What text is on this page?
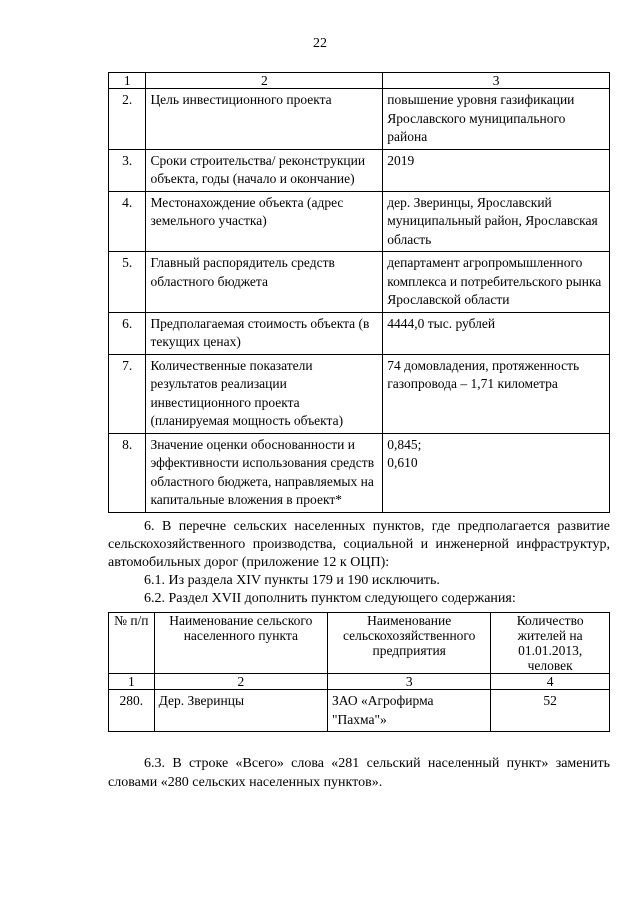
22
1	2	3
2.	Цель инвестиционного проекта	повышение уровня газификации Ярославского муниципального района
3.	Сроки строительства/ реконструкции объекта, годы (начало и окончание)	2019
4.	Местонахождение объекта (адрес земельного участка)	дер. Зверинцы, Ярославский муниципальный район, Ярославская область
5.	Главный распорядитель средств областного бюджета	департамент агропромышленного комплекса и потребительского рынка Ярославской области
6.	Предполагаемая стоимость объекта (в текущих ценах)	4444,0 тыс. рублей
7.	Количественные показатели результатов реализации инвестиционного проекта (планируемая мощность объекта)	74 домовладения, протяженность газопровода – 1,71 километра
8.	Значение оценки обоснованности и эффективности использования средств областного бюджета, направляемых на капитальные вложения в проект*	0,845;
0,610

6. В перечне сельских населенных пунктов, где предполагается развитие сельскохозяйственного производства, социальной и инженерной инфраструктур, автомобильных дорог (приложение 12 к ОЦП):

6.1. Из раздела XIV пункты 179 и 190 исключить.

6.2. Раздел XVII дополнить пунктом следующего содержания:

№ п/п	Наименование сельского населенного пункта	Наименование сельскохозяйственного предприятия	Количество жителей на 01.01.2013, человек
1	2	3	4
280.	Дер. Зверинцы	ЗАО «Агрофирма "Пахма"»	52

6.3. В строке «Всего» слова «281 сельский населенный пункт» заменить словами «280 сельских населенных пунктов».
